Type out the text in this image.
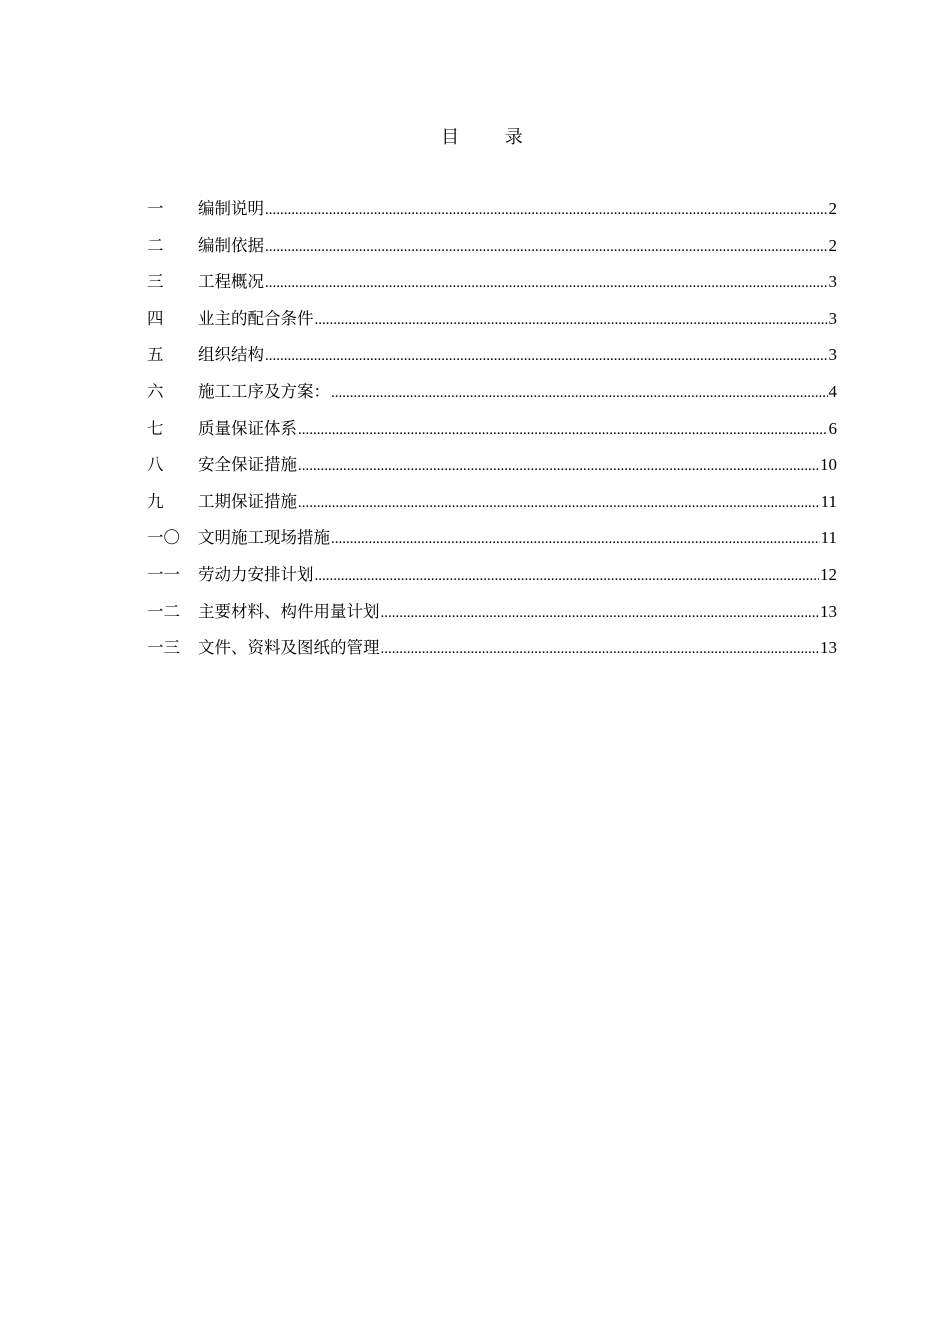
目 录
一	编制说明 .....	2
二	编制依据 .....	2
三	工程概况 .....	3
四	业主的配合条件 .....	3
五	组织结构 .....	3
六	施工工序及方案： .....	4
七	质量保证体系 .....	6
八	安全保证措施 .....	10
九	工期保证措施 .....	11
一〇	文明施工现场措施 .....	11
一一	劳动力安排计划 .....	12
一二	主要材料、构件用量计划 .....	13
一三	文件、资料及图纸的管理 .....	13
